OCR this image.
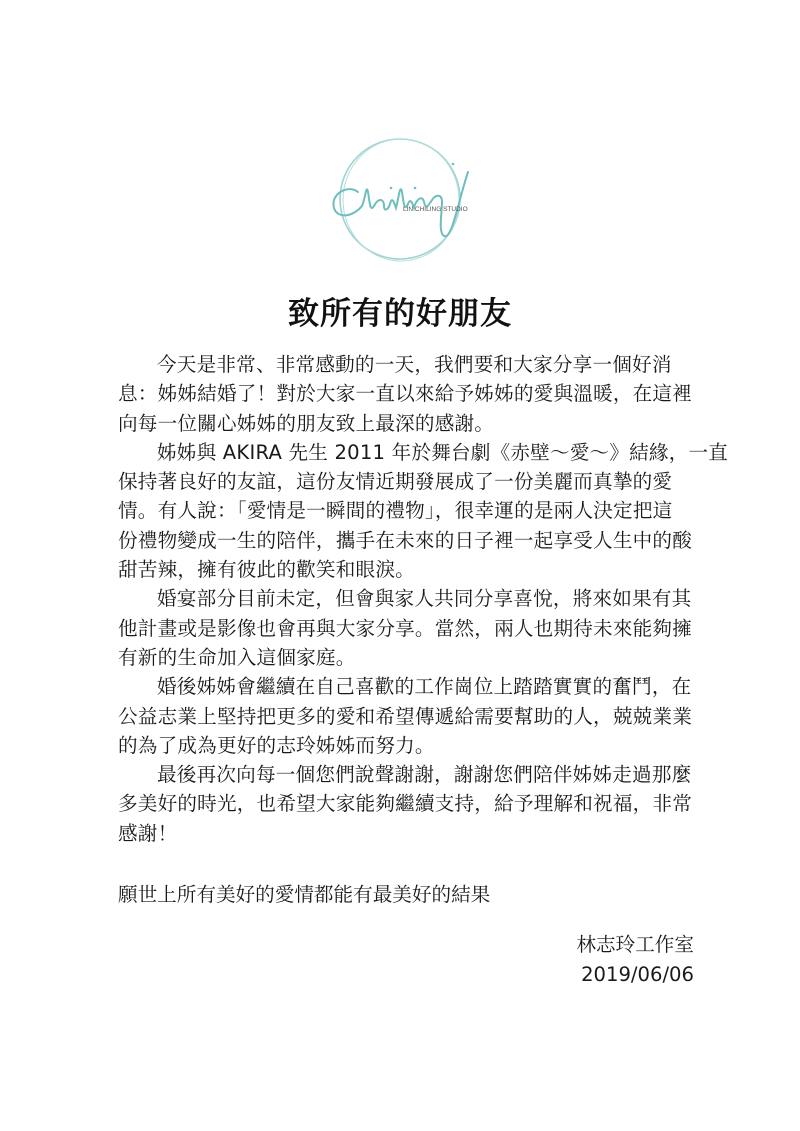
LIN CHILING STUDIO
致所有的好朋友
今天是非常、非常感動的一天，我們要和大家分享一個好消
息：姊姊結婚了！對於大家一直以來給予姊姊的愛與溫暖，在這裡
向每一位關心姊姊的朋友致上最深的感謝。
姊姊與 AKIRA 先生 2011 年於舞台劇《赤壁～愛～》結緣，一直
保持著良好的友誼，這份友情近期發展成了一份美麗而真摯的愛
情。有人說：「愛情是一瞬間的禮物」，很幸運的是兩人決定把這
份禮物變成一生的陪伴，攜手在未來的日子裡一起享受人生中的酸
甜苦辣，擁有彼此的歡笑和眼淚。
婚宴部分目前未定，但會與家人共同分享喜悅，將來如果有其
他計畫或是影像也會再與大家分享。當然，兩人也期待未來能夠擁
有新的生命加入這個家庭。
婚後姊姊會繼續在自己喜歡的工作崗位上踏踏實實的奮鬥，在
公益志業上堅持把更多的愛和希望傳遞給需要幫助的人，兢兢業業
的為了成為更好的志玲姊姊而努力。
最後再次向每一個您們說聲謝謝，謝謝您們陪伴姊姊走過那麼
多美好的時光，也希望大家能夠繼續支持，給予理解和祝福，非常
感謝！
願世上所有美好的愛情都能有最美好的結果
林志玲工作室
2019/06/06
